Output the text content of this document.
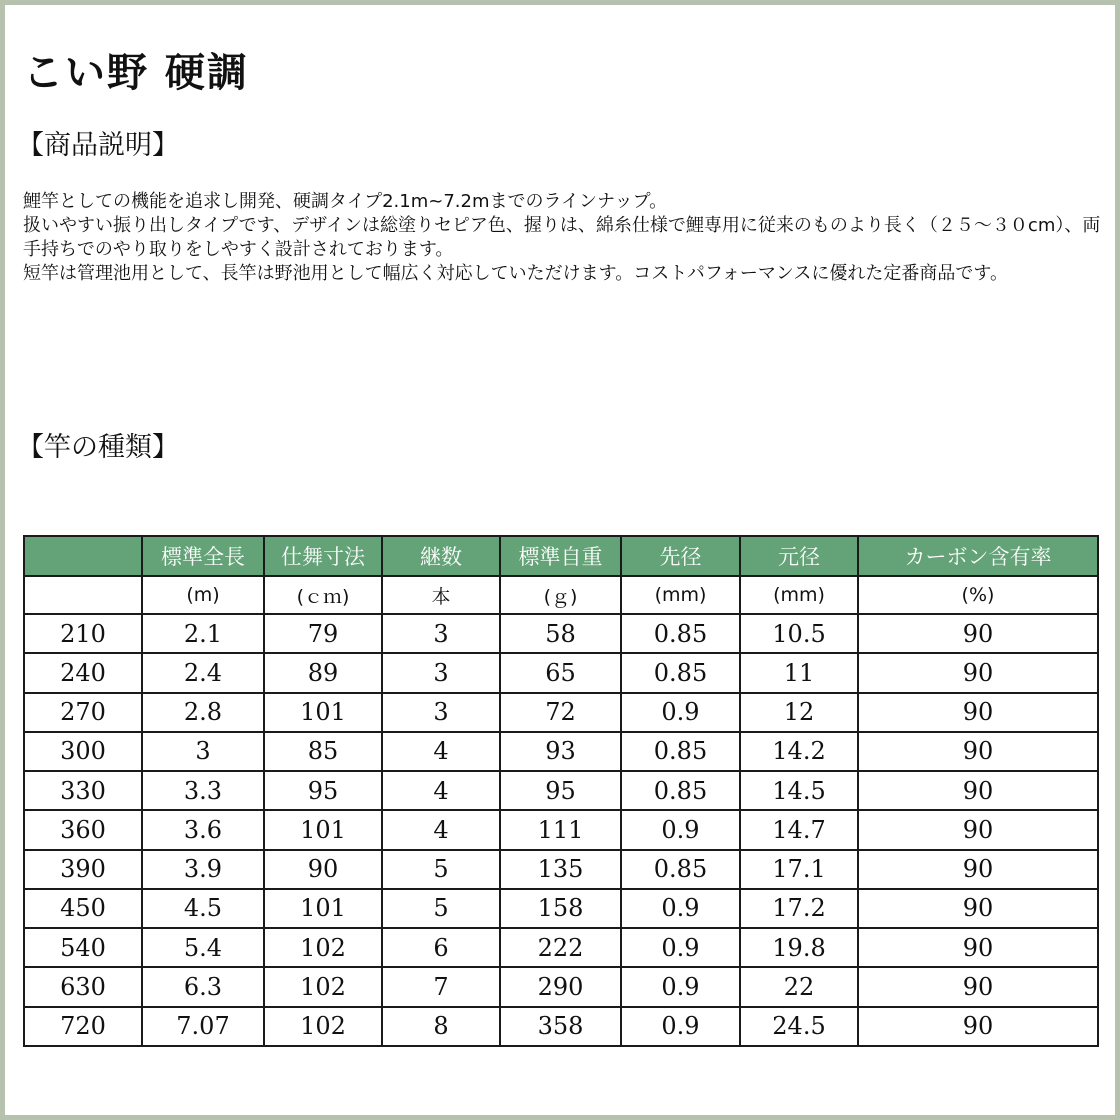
こい野 硬調
【商品説明】

鯉竿としての機能を追求し開発、硬調タイプ2.1m~7.2mまでのラインナップ。

扱いやすい振り出しタイプです、デザインは総塗りセピア色、握りは、綿糸仕様で鯉専用に従来のものより長く（２５～３０cm）、両手持ちでのやり取りをしやすく設計されております。

短竿は管理池用として、長竿は野池用として幅広く対応していただけます。コストパフォーマンスに優れた定番商品です。

【竿の種類】
	標準全長	仕舞寸法	継数	標準自重	先径	元径	カーボン含有率
	(m)	(ｃｍ)	本	(ｇ)	(mm)	(mm)	(%)
210	2.1	79	3	58	0.85	10.5	90
240	2.4	89	3	65	0.85	11	90
270	2.8	101	3	72	0.9	12	90
300	3	85	4	93	0.85	14.2	90
330	3.3	95	4	95	0.85	14.5	90
360	3.6	101	4	111	0.9	14.7	90
390	3.9	90	5	135	0.85	17.1	90
450	4.5	101	5	158	0.9	17.2	90
540	5.4	102	6	222	0.9	19.8	90
630	6.3	102	7	290	0.9	22	90
720	7.07	102	8	358	0.9	24.5	90
